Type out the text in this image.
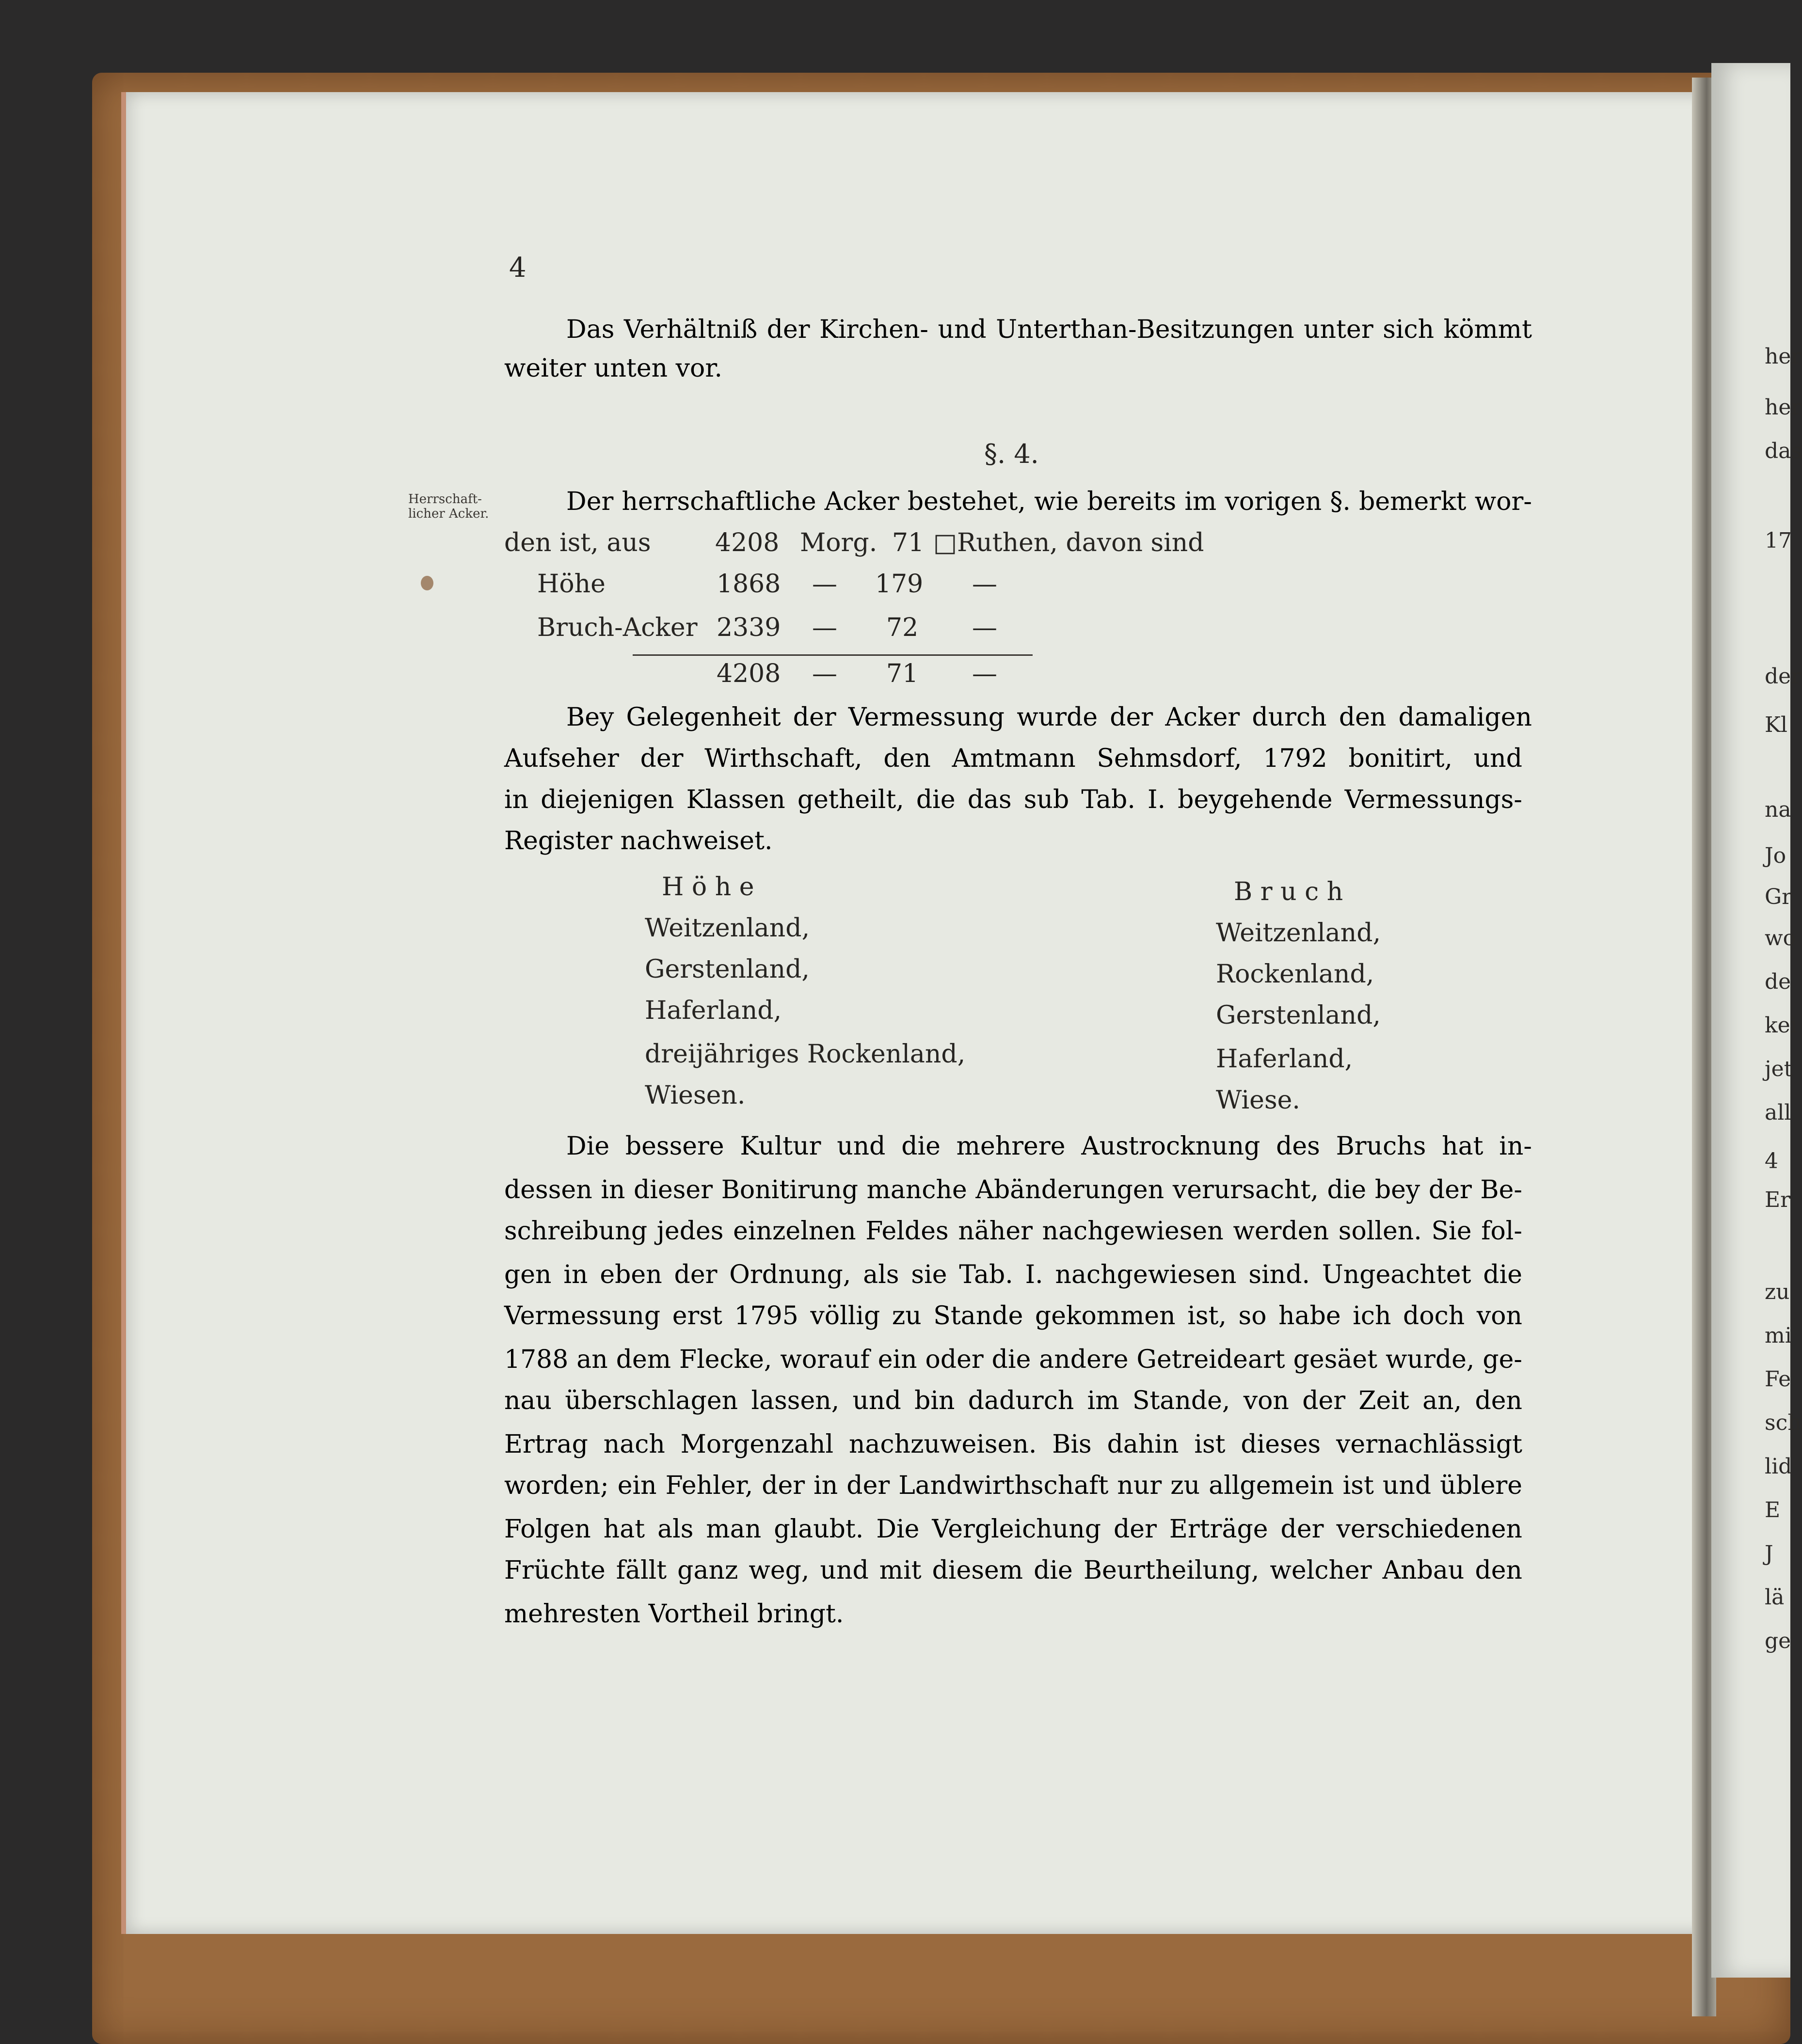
4
Das Verhältniß der Kirchen- und Unterthan-Besitzungen unter sich kömmt
weiter unten vor.
§. 4.
Herrschaft-
licher Acker.	Der herrschaftliche Acker bestehet, wie bereits im vorigen §. bemerkt wor-
den ist, aus	4208 Morg. 71 □Ruthen, davon sind
Höhe	1868 — 179 —
Bruch-Acker 2339 — 72 —
4208 — 71 —
Bey Gelegenheit der Vermessung wurde der Acker durch den damaligen
Aufseher der Wirthschaft, den Amtmann Sehmsdorf, 1792 bonitirt, und
in diejenigen Klassen getheilt, die das sub Tab. I. beygehende Vermessungs-
Register nachweiset.
H ö h e
Weitzenland,
Gerstenland,
Haferland,
dreijähriges Rockenland,
Wiesen.
B r u c h
Weitzenland,
Rockenland,
Gerstenland,
Haferland,
Wiese.
Die bessere Kultur und die mehrere Austrocknung des Bruchs hat in-
dessen in dieser Bonitirung manche Abänderungen verursacht, die bey der Be-
schreibung jedes einzelnen Feldes näher nachgewiesen werden sollen. Sie fol-
gen in eben der Ordnung, als sie Tab. I. nachgewiesen sind. Ungeachtet die
Vermessung erst 1795 völlig zu Stande gekommen ist, so habe ich doch von
1788 an dem Flecke, worauf ein oder die andere Getreideart gesäet wurde, ge-
nau überschlagen lassen, und bin dadurch im Stande, von der Zeit an, den
Ertrag nach Morgenzahl nachzuweisen. Bis dahin ist dieses vernachlässigt
worden; ein Fehler, der in der Landwirthschaft nur zu allgemein ist und üblere
Folgen hat als man glaubt. Die Vergleichung der Erträge der verschiedenen
Früchte fällt ganz weg, und mit diesem die Beurtheilung, welcher Anbau den
mehresten Vortheil bringt.
her
her
das
17
der
Kl
na
Jo
Gr
wo
de
kei
jet
all
4
Er
zu
mi
Fe
sch
lid
E
J
lä
ge
